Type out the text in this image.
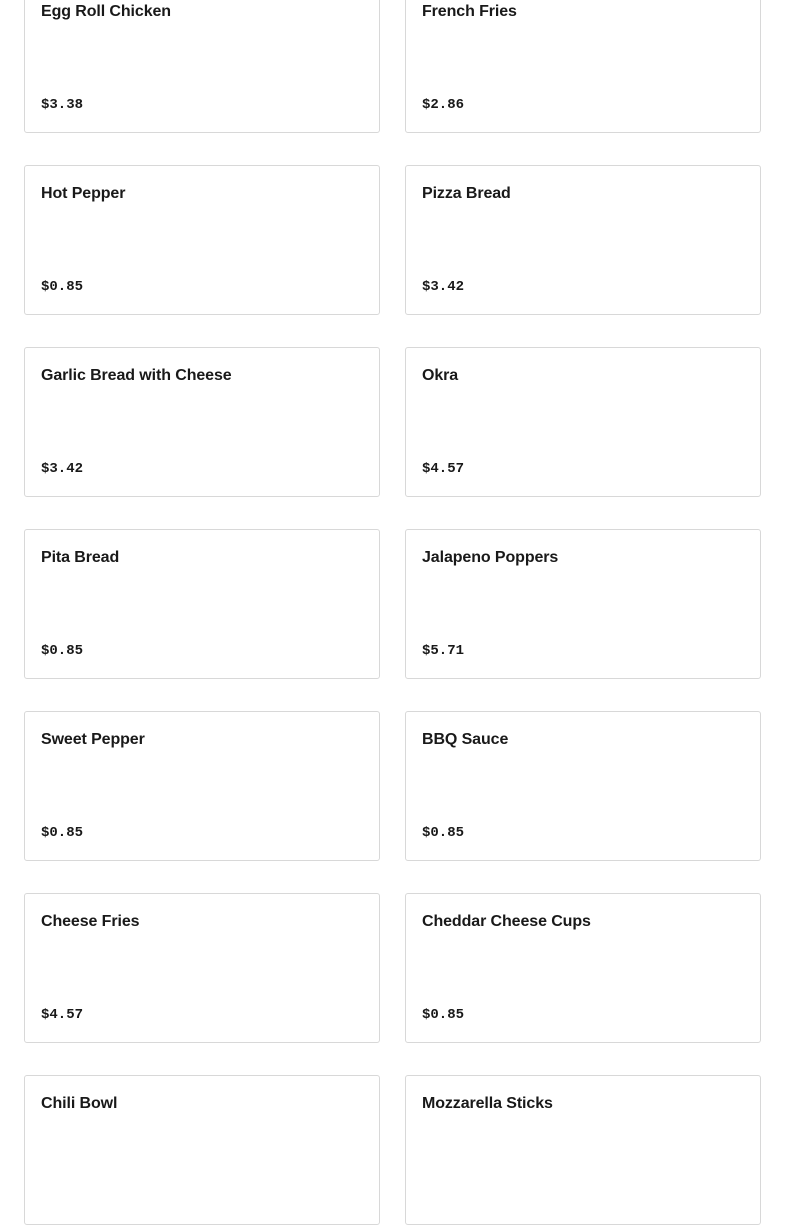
Egg Roll Chicken
$3.38
French Fries
$2.86
Hot Pepper
$0.85
Pizza Bread
$3.42
Garlic Bread with Cheese
$3.42
Okra
$4.57
Pita Bread
$0.85
Jalapeno Poppers
$5.71
Sweet Pepper
$0.85
BBQ Sauce
$0.85
Cheese Fries
$4.57
Cheddar Cheese Cups
$0.85
Chili Bowl	Mozzarella Sticks
